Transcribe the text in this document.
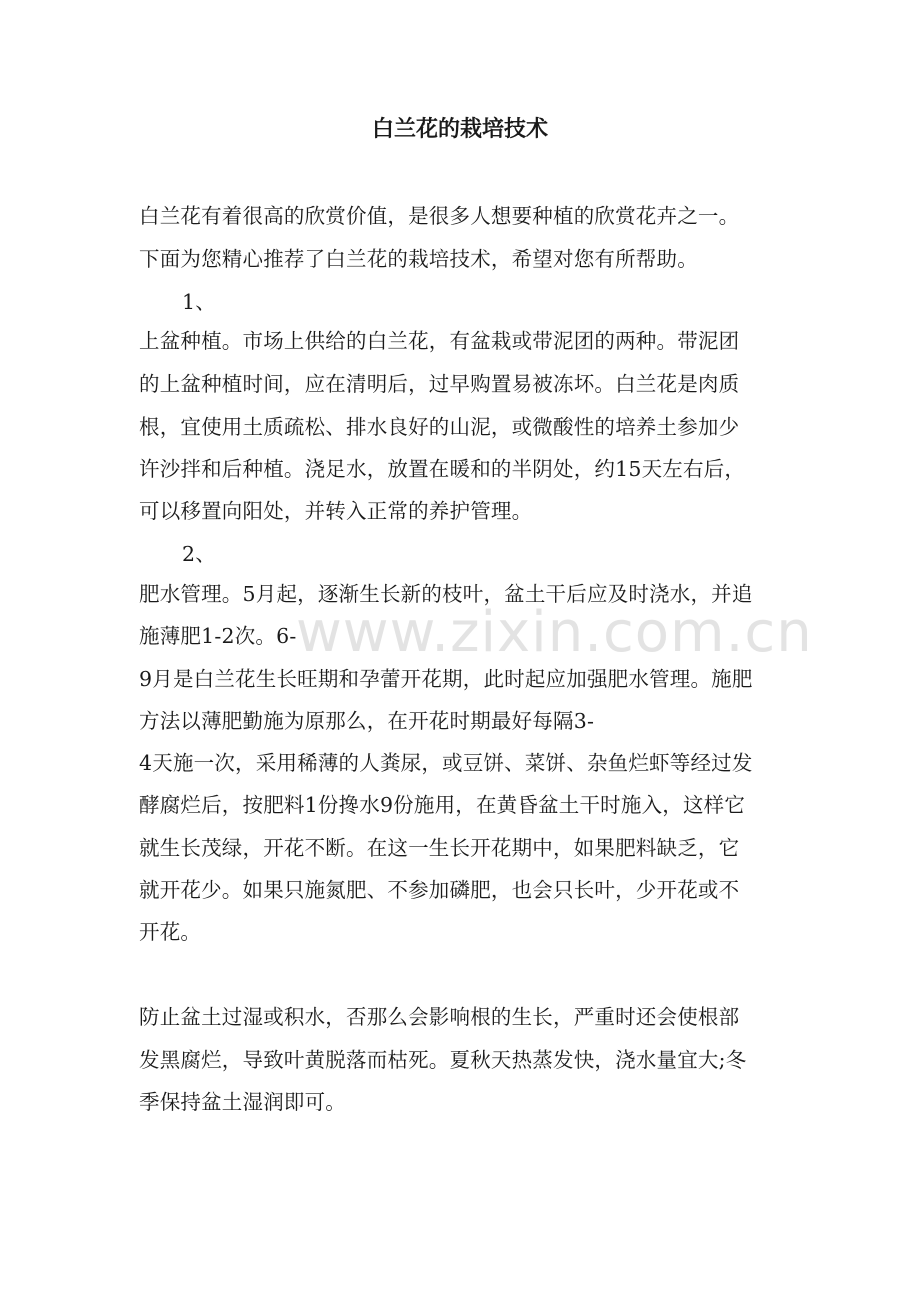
www.zixin.com.cn
白兰花的栽培技术
白兰花有着很高的欣赏价值，是很多人想要种植的欣赏花卉之一。
下面为您精心推荐了白兰花的栽培技术，希望对您有所帮助。
1、
上盆种植。市场上供给的白兰花，有盆栽或带泥团的两种。带泥团
的上盆种植时间，应在清明后，过早购置易被冻坏。白兰花是肉质
根，宜使用土质疏松、排水良好的山泥，或微酸性的培养土参加少
许沙拌和后种植。浇足水，放置在暖和的半阴处，约15天左右后，
可以移置向阳处，并转入正常的养护管理。
2、
肥水管理。5月起，逐渐生长新的枝叶，盆土干后应及时浇水，并追
施薄肥1-2次。6-
9月是白兰花生长旺期和孕蕾开花期，此时起应加强肥水管理。施肥
方法以薄肥勤施为原那么，在开花时期最好每隔3-
4天施一次，采用稀薄的人粪尿，或豆饼、菜饼、杂鱼烂虾等经过发
酵腐烂后，按肥料1份搀水9份施用，在黄昏盆土干时施入，这样它
就生长茂绿，开花不断。在这一生长开花期中，如果肥料缺乏，它
就开花少。如果只施氮肥、不参加磷肥，也会只长叶，少开花或不
开花。
防止盆土过湿或积水，否那么会影响根的生长，严重时还会使根部
发黑腐烂，导致叶黄脱落而枯死。夏秋天热蒸发快，浇水量宜大;冬
季保持盆土湿润即可。
